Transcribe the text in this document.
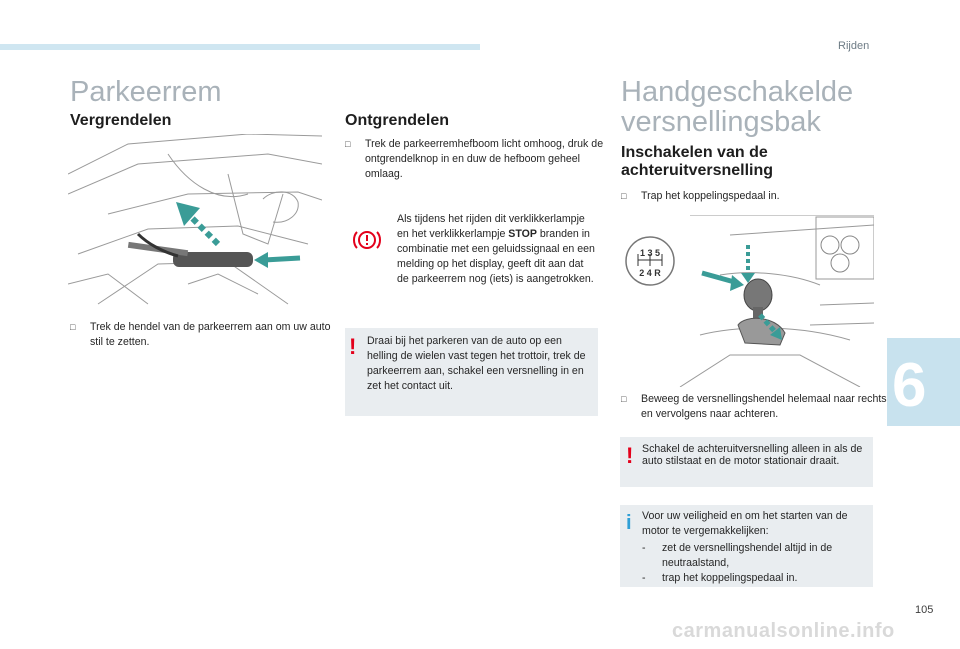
Rijden
6
Parkeerrem
Vergrendelen
□ Trek de hendel van de parkeerrem aan om uw auto stil te zetten.
Ontgrendelen
□ Trek de parkeerremhefboom licht omhoog, druk de ontgrendelknop in en duw de hefboom geheel omlaag.
Als tijdens het rijden dit verklikkerlampje en het verklikkerlampje STOP branden in combinatie met een geluidssignaal en een melding op het display, geeft dit aan dat de parkeerrem nog (iets) is aangetrokken.
! Draai bij het parkeren van de auto op een helling de wielen vast tegen het trottoir, trek de parkeerrem aan, schakel een versnelling in en zet het contact uit.
Handgeschakelde
versnellingsbak
Inschakelen van de
achteruitversnelling
□ Trap het koppelingspedaal in.
1 3 5
2 4 R
□ Beweeg de versnellingshendel helemaal naar rechts en vervolgens naar achteren.
! Schakel de achteruitversnelling alleen in als de auto stilstaat en de motor stationair draait.
i Voor uw veiligheid en om het starten van de motor te vergemakkelijken:
- zet de versnellingshendel altijd in de neutraalstand,
- trap het koppelingspedaal in.
105
carmanualsonline.info
